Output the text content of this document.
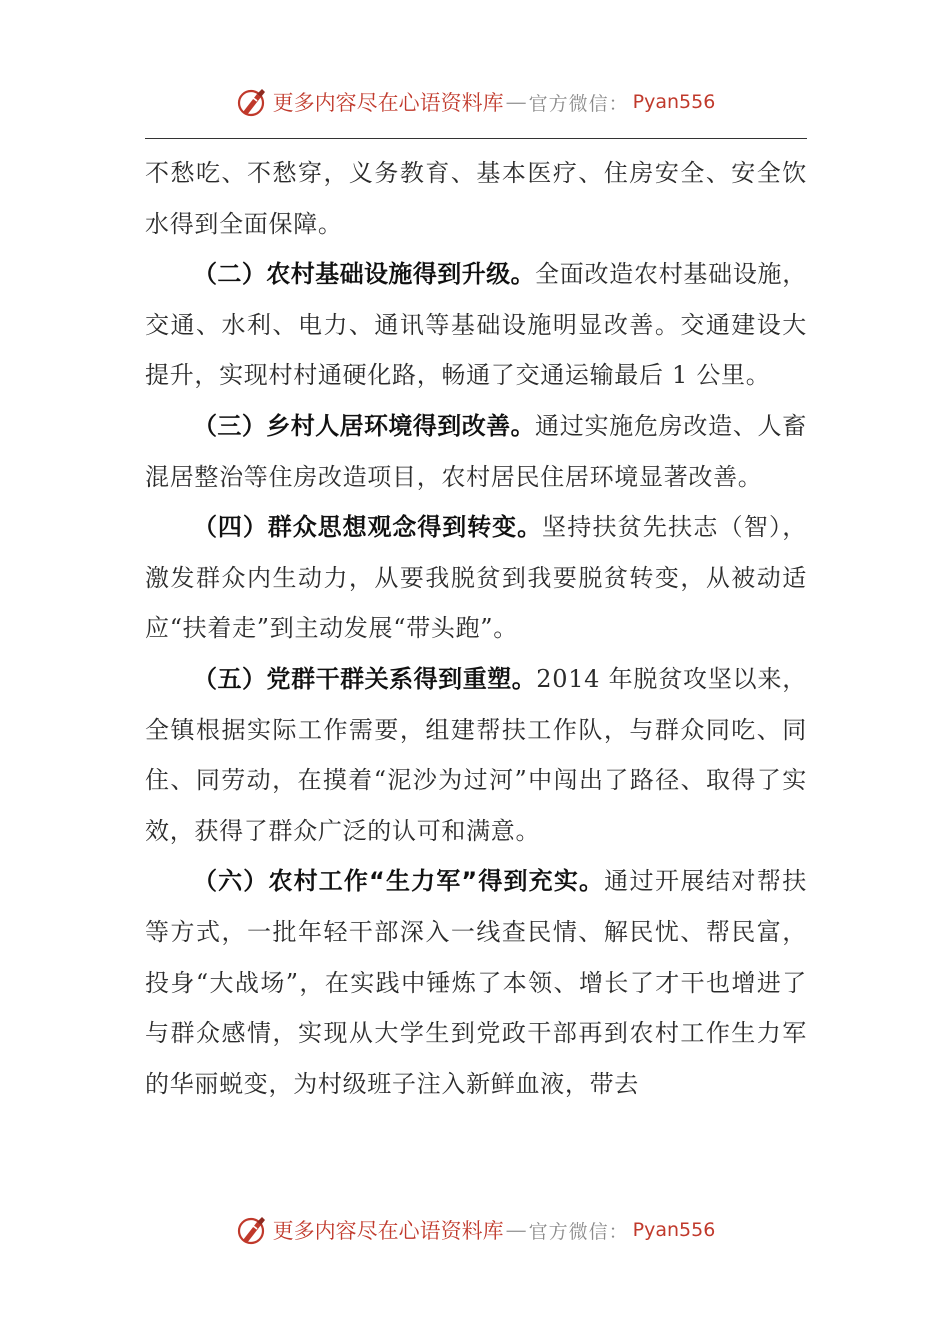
更多内容尽在心语资料库 — 官方微信： Pyan556

不愁吃、不愁穿，义务教育、基本医疗、住房安全、安全饮水得到全面保障。

（二）农村基础设施得到升级。全面改造农村基础设施，交通、水利、电力、通讯等基础设施明显改善。交通建设大提升，实现村村通硬化路，畅通了交通运输最后 1 公里。

（三）乡村人居环境得到改善。通过实施危房改造、人畜混居整治等住房改造项目，农村居民住居环境显著改善。

（四）群众思想观念得到转变。坚持扶贫先扶志（智），激发群众内生动力，从要我脱贫到我要脱贫转变，从被动适应“扶着走”到主动发展“带头跑”。

（五）党群干群关系得到重塑。2014 年脱贫攻坚以来，全镇根据实际工作需要，组建帮扶工作队，与群众同吃、同住、同劳动，在摸着“泥沙为过河”中闯出了路径、取得了实效，获得了群众广泛的认可和满意。

（六）农村工作“生力军”得到充实。通过开展结对帮扶等方式，一批年轻干部深入一线查民情、解民忧、帮民富，投身“大战场”，在实践中锤炼了本领、增长了才干也增进了与群众感情，实现从大学生到党政干部再到农村工作生力军的华丽蜕变，为村级班子注入新鲜血液，带去

更多内容尽在心语资料库 — 官方微信： Pyan556
